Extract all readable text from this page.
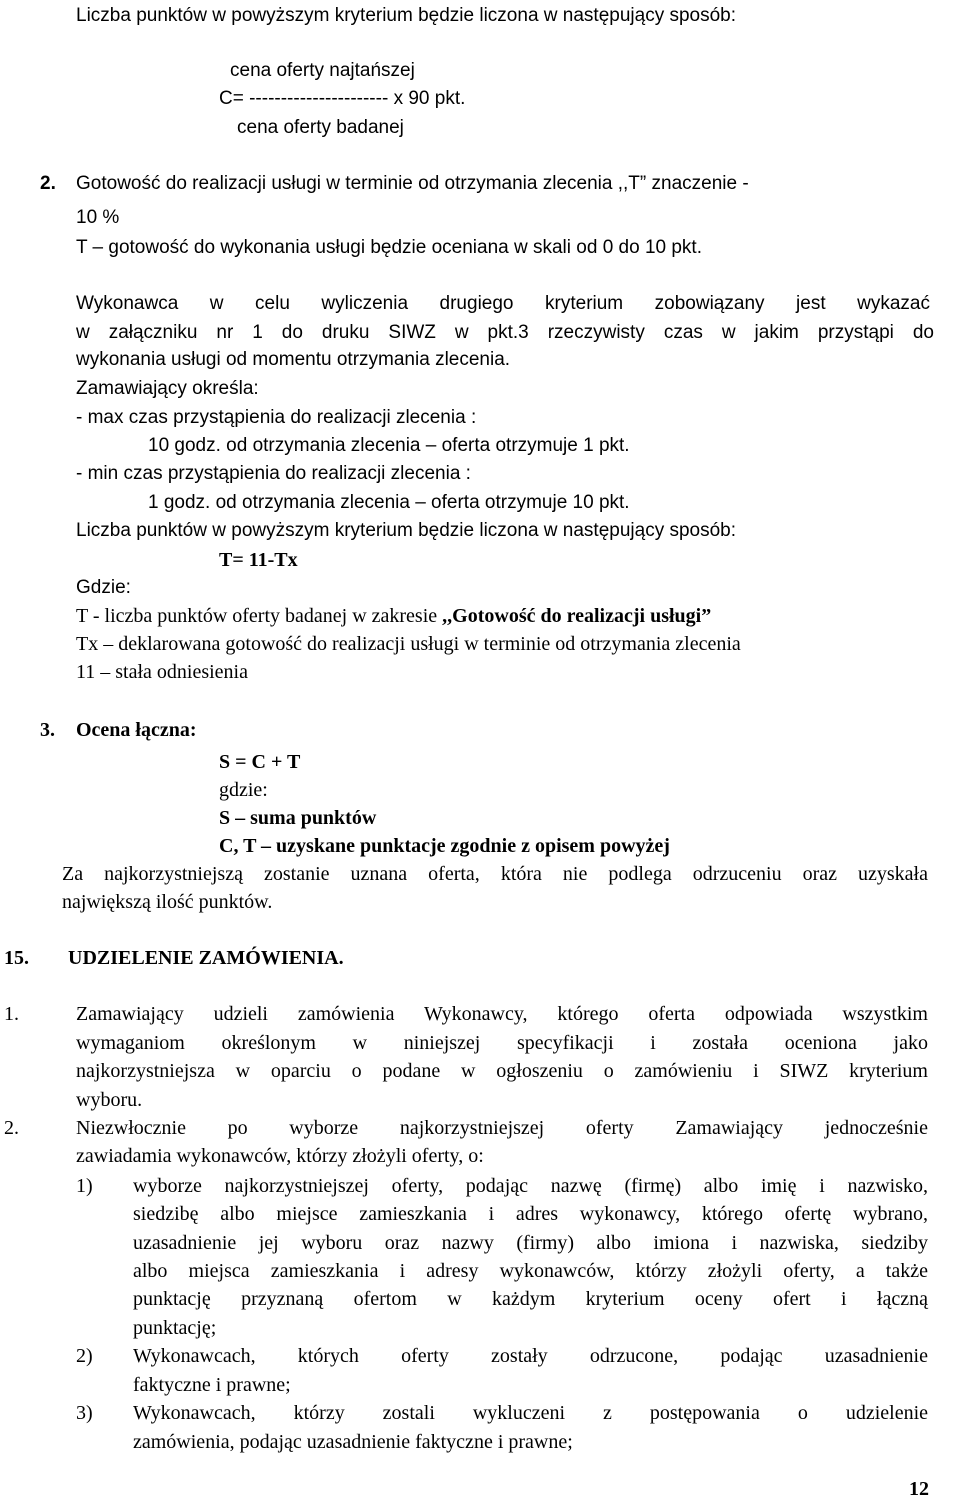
Liczba punktów w powyższym kryterium będzie liczona w następujący sposób:
cena oferty najtańszej
C= ---------------------- x 90 pkt.
cena oferty badanej
2. Gotowość do realizacji usługi w terminie od otrzymania zlecenia ,,T” znaczenie -
10 %
T – gotowość do wykonania usługi będzie oceniana w skali od 0 do 10 pkt.
Wykonawca w celu wyliczenia drugiego kryterium zobowiązany jest wykazać
w załączniku nr 1 do druku SIWZ w pkt.3 rzeczywisty czas w jakim przystąpi do
wykonania usługi od momentu otrzymania zlecenia.
Zamawiający określa:
- max czas przystąpienia do realizacji zlecenia :
10 godz. od otrzymania zlecenia – oferta otrzymuje 1 pkt.
- min czas przystąpienia do realizacji zlecenia :
1 godz. od otrzymania zlecenia – oferta otrzymuje 10 pkt.
Liczba punktów w powyższym kryterium będzie liczona w następujący sposób:
T= 11-Tx
Gdzie:
T - liczba punktów oferty badanej w zakresie ,,Gotowość do realizacji usługi”
Tx – deklarowana gotowość do realizacji usługi w terminie od otrzymania zlecenia
11 – stała odniesienia
3. Ocena łączna:
S = C + T
gdzie:
S – suma punktów
C, T – uzyskane punktacje zgodnie z opisem powyżej
Za najkorzystniejszą zostanie uznana oferta, która nie podlega odrzuceniu oraz uzyskała
największą ilość punktów.
15. UDZIELENIE ZAMÓWIENIA.
1.	Zamawiający udzieli zamówienia Wykonawcy, którego oferta odpowiada wszystkim
wymaganiom określonym w niniejszej specyfikacji i została oceniona jako
najkorzystniejsza w oparciu o podane w ogłoszeniu o zamówieniu i SIWZ kryterium
wyboru.
2.	Niezwłocznie po wyborze najkorzystniejszej oferty Zamawiający jednocześnie
zawiadamia wykonawców, którzy złożyli oferty, o:
1) wyborze najkorzystniejszej oferty, podając nazwę (firmę) albo imię i nazwisko,
siedzibę albo miejsce zamieszkania i adres wykonawcy, którego ofertę wybrano,
uzasadnienie jej wyboru oraz nazwy (firmy) albo imiona i nazwiska, siedziby
albo miejsca zamieszkania i adresy wykonawców, którzy złożyli oferty, a także
punktację przyznaną ofertom w każdym kryterium oceny ofert i łączną
punktację;
2) Wykonawcach, których oferty zostały odrzucone, podając uzasadnienie
faktyczne i prawne;
3) Wykonawcach, którzy zostali wykluczeni z postępowania o udzielenie
zamówienia, podając uzasadnienie faktyczne i prawne;
12
